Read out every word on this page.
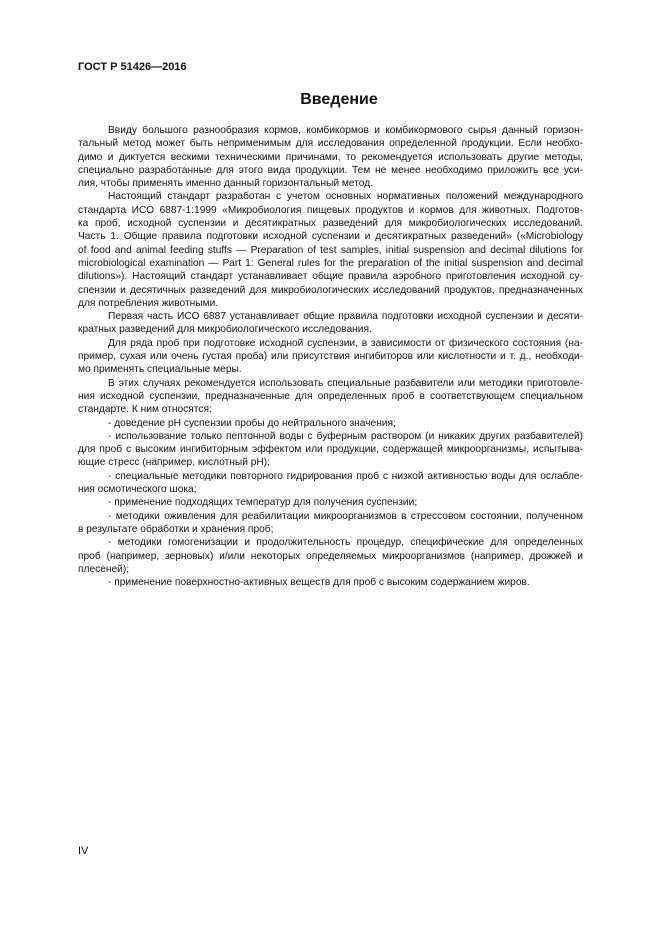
ГОСТ Р 51426—2016
Введение
Ввиду большого разнообразия кормов, комбикормов и комбикормового сырья данный горизон-
тальный метод может быть неприменимым для исследования определенной продукции. Если необхо-
димо и диктуется вескими техническими причинами, то рекомендуется использовать другие методы,
специально разработанные для этого вида продукции. Тем не менее необходимо приложить все уси-
лия, чтобы применять именно данный горизонтальный метод.
Настоящий стандарт разработан с учетом основных нормативных положений международного
стандарта ИСО 6887-1:1999 «Микробиология пищевых продуктов и кормов для животных. Подготов-
ка проб, исходной суспензии и десятикратных разведений для микробиологических исследований.
Часть 1. Общие правила подготовки исходной суспензии и десятикратных разведений» («Microbiology
of food and animal feeding stuffs — Preparation of test samples, initial suspension and decimal dilutions for
microbiological examination — Part 1: General rules for the preparation of the initial suspension and decimal
dilutions»). Настоящий стандарт устанавливает общие правила аэробного приготовления исходной су-
спензии и десятичных разведений для микробиологических исследований продуктов, предназначенных
для потребления животными.
Первая часть ИСО 6887 устанавливает общие правила подготовки исходной суспензии и десяти-
кратных разведений для микробиологического исследования.
Для ряда проб при подготовке исходной суспензии, в зависимости от физического состояния (на-
пример, сухая или очень густая проба) или присутствия ингибиторов или кислотности и т. д., необходи-
мо применять специальные меры.
В этих случаях рекомендуется использовать специальные разбавители или методики приготовле-
ния исходной суспензии, предназначенные для определенных проб в соответствующем специальном
стандарте. К ним относятся:
- доведение рН суспензии пробы до нейтрального значения;
- использование только пептонной воды с буферным раствором (и никаких других разбавителей)
для проб с высоким ингибиторным эффектом или продукции, содержащей микроорганизмы, испытыва-
ющие стресс (например, кислотный рН);
- специальные методики повторного гидрирования проб с низкой активностью воды для ослабле-
ния осмотического шока;
- применение подходящих температур для получения суспензии;
- методики оживления для реабилитации микроорганизмов в стрессовом состоянии, полученном
в результате обработки и хранения проб;
- методики гомогенизации и продолжительность процедур, специфические для определенных
проб (например, зерновых) и/или некоторых определяемых микроорганизмов (например, дрожжей и
плесеней);
- применение поверхностно-активных веществ для проб с высоким содержанием жиров.
IV
